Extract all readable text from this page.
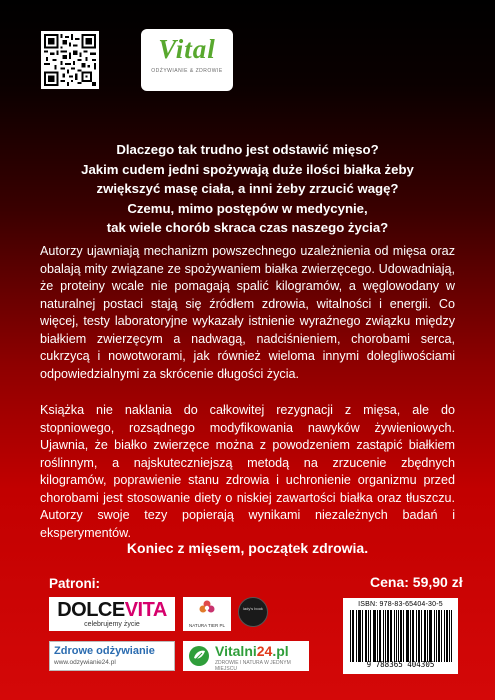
Vital
ODŻYWIANIE & ZDROWIE
Dlaczego tak trudno jest odstawić mięso?
Jakim cudem jedni spożywają duże ilości białka żeby
zwiększyć masę ciała, a inni żeby zrzucić wagę?
Czemu, mimo postępów w medycynie,
tak wiele chorób skraca czas naszego życia?
Autorzy ujawniają mechanizm powszechnego uzależnienia od mięsa oraz obalają mity związane ze spożywaniem białka zwierzęcego. Udowadniają, że proteiny wcale nie pomagają spalić kilogramów, a węglowodany w naturalnej postaci stają się źródłem zdrowia, witalności i energii. Co więcej, testy laboratoryjne wykazały istnienie wyraźnego związku między białkiem zwierzęcym a nadwagą, nadciśnieniem, chorobami serca, cukrzycą i nowotworami, jak również wieloma innymi dolegliwościami odpowiedzialnymi za skrócenie długości życia.
Książka nie naklania do całkowitej rezygnacji z mięsa, ale do stopniowego, rozsądnego modyfikowania nawyków żywieniowych. Ujawnia, że białko zwierzęce można z powodzeniem zastąpić białkiem roślinnym, a najskuteczniejszą metodą na zrzucenie zbędnych kilogramów, poprawienie stanu zdrowia i uchronienie organizmu przed chorobami jest stosowanie diety o niskiej zawartości białka oraz tłuszczu. Autorzy swoje tezy popierają wynikami niezależnych badań i eksperymentów.
Koniec z mięsem, początek zdrowia.
Patroni:	Cena: 59,90 zł
DOLCEVITA
celebrujemy życie	NATURA TIER PL
lady's book
Zdrowe odżywianie
www.odzywianie24.pl
Vitalni24.pl
ZDROWIE I NATURA W JEDNYM MIEJSCU
ISBN: 978-83-65404-30-5
9 788365 404305
